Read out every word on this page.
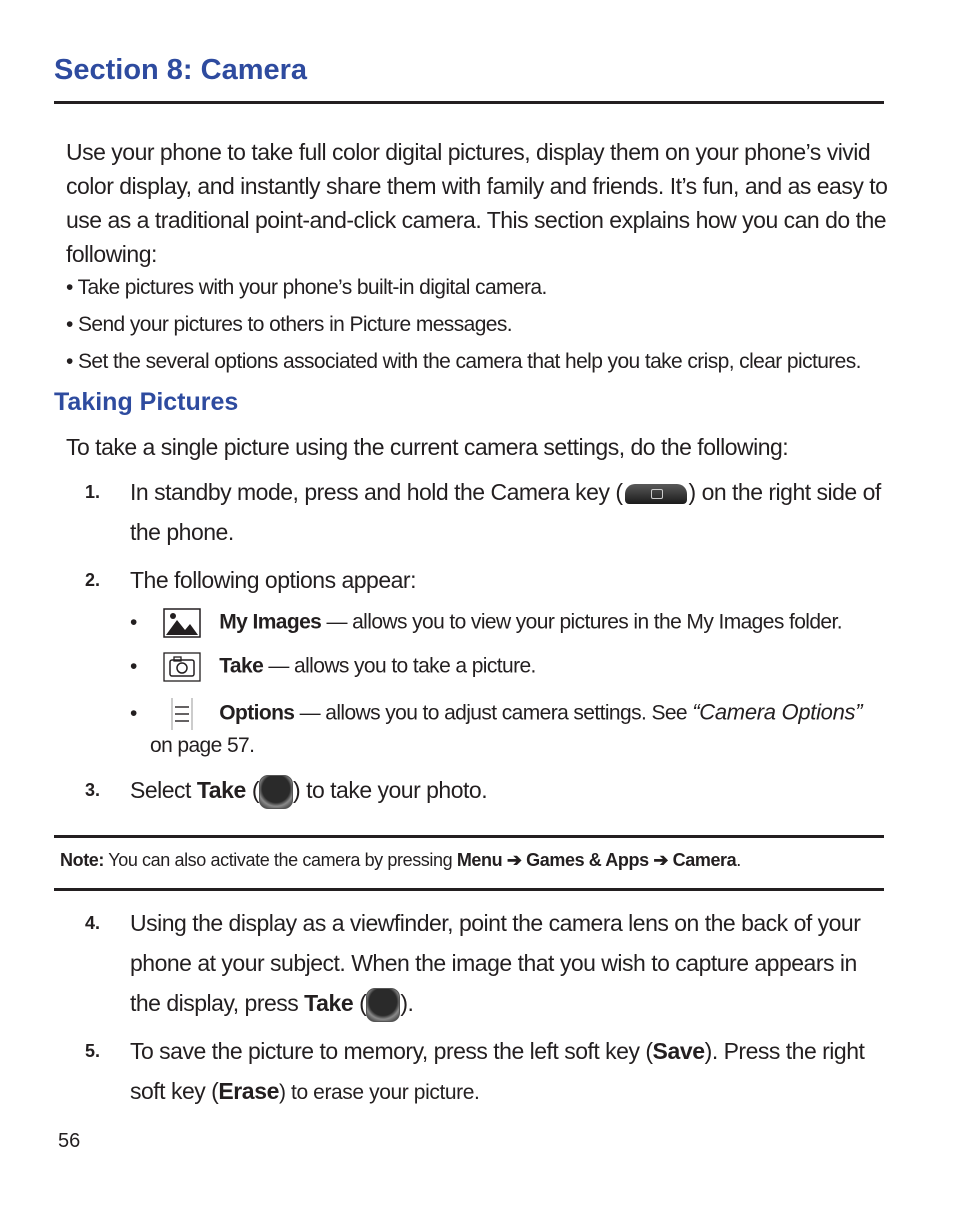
Section 8: Camera
Use your phone to take full color digital pictures, display them on your phone’s vivid color display, and instantly share them with family and friends. It’s fun, and as easy to use as a traditional point-and-click camera. This section explains how you can do the following:
• Take pictures with your phone’s built-in digital camera.
• Send your pictures to others in Picture messages.
• Set the several options associated with the camera that help you take crisp, clear pictures.
Taking Pictures
To take a single picture using the current camera settings, do the following:
1. In standby mode, press and hold the Camera key (	) on the right side of
the phone.
2. The following options appear:
•	My Images — allows you to view your pictures in the My Images folder.
•	Take — allows you to take a picture.
•	Options — allows you to adjust camera settings. See “Camera Options”
on page 57.
3. Select Take ( ) to take your photo.
Note: You can also activate the camera by pressing Menu ➔ Games & Apps ➔ Camera.
4. Using the display as a viewfinder, point the camera lens on the back of your
phone at your subject. When the image that you wish to capture appears in
the display, press Take ( ).
5. To save the picture to memory, press the left soft key (Save). Press the right
soft key (Erase) to erase your picture.
56
